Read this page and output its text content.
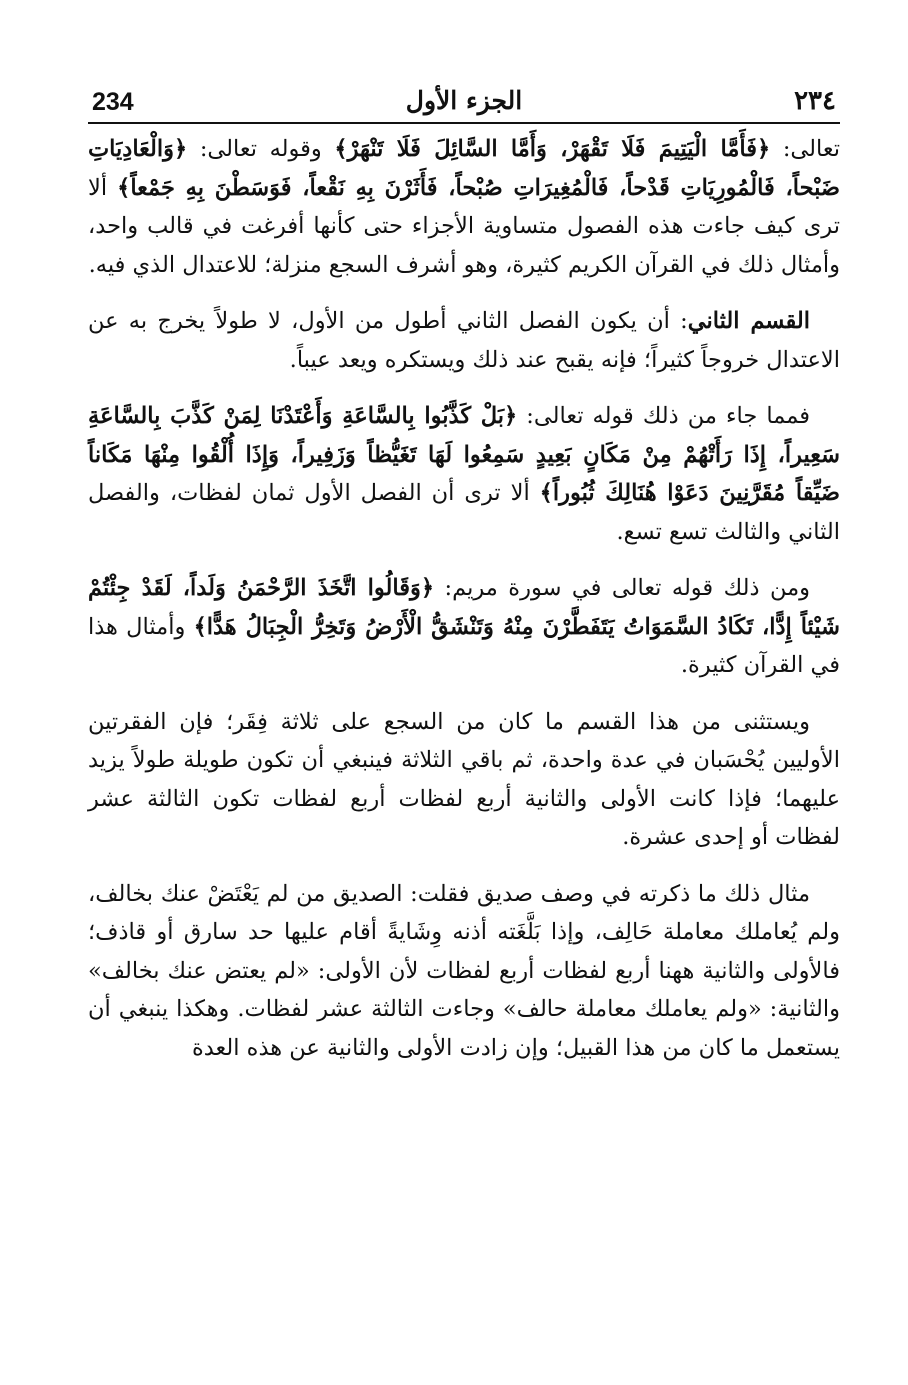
234	الجزء الأول	٢٣٤

تعالى: ﴿فَأَمَّا الْيَتِيمَ فَلَا تَقْهَرْ، وَأَمَّا السَّائِلَ فَلَا تَنْهَرْ﴾ وقوله تعالى: ﴿وَالْعَادِيَاتِ ضَبْحاً، فَالْمُورِيَاتِ قَدْحاً، فَالْمُغِيرَاتِ صُبْحاً، فَأَثَرْنَ بِهِ نَقْعاً، فَوَسَطْنَ بِهِ جَمْعاً﴾ ألا ترى كيف جاءت هذه الفصول متساوية الأجزاء حتى كأنها أفرغت في قالب واحد، وأمثال ذلك في القرآن الكريم كثيرة، وهو أشرف السجع منزلة؛ للاعتدال الذي فيه.

القسم الثاني: أن يكون الفصل الثاني أطول من الأول، لا طولاً يخرج به عن الاعتدال خروجاً كثيراً؛ فإنه يقبح عند ذلك ويستكره ويعد عيباً.

فمما جاء من ذلك قوله تعالى: ﴿بَلْ كَذَّبُوا بِالسَّاعَةِ وَأَعْتَدْنَا لِمَنْ كَذَّبَ بِالسَّاعَةِ سَعِيراً، إِذَا رَأَتْهُمْ مِنْ مَكَانٍ بَعِيدٍ سَمِعُوا لَهَا تَغَيُّظاً وَزَفِيراً، وَإِذَا أُلْقُوا مِنْهَا مَكَاناً ضَيِّقاً مُقَرَّنِينَ دَعَوْا هُنَالِكَ ثُبُوراً﴾ ألا ترى أن الفصل الأول ثمان لفظات، والفصل الثاني والثالث تسع تسع.

ومن ذلك قوله تعالى في سورة مريم: ﴿وَقَالُوا اتَّخَذَ الرَّحْمَنُ وَلَداً، لَقَدْ جِئْتُمْ شَيْئاً إِدًّا، تَكَادُ السَّمَوَاتُ يَتَفَطَّرْنَ مِنْهُ وَتَنْشَقُّ الْأَرْضُ وَتَخِرُّ الْجِبَالُ هَدًّا﴾ وأمثال هذا في القرآن كثيرة.

ويستثنى من هذا القسم ما كان من السجع على ثلاثة فِقَر؛ فإن الفقرتين الأوليين يُحْسَبان في عدة واحدة، ثم باقي الثلاثة فينبغي أن تكون طويلة طولاً يزيد عليهما؛ فإذا كانت الأولى والثانية أربع لفظات أربع لفظات تكون الثالثة عشر لفظات أو إحدى عشرة.

مثال ذلك ما ذكرته في وصف صديق فقلت: الصديق من لم يَعْتَضْ عنك بخالف، ولم يُعاملك معاملة حَالِف، وإذا بَلَّغَته أذنه وِشَايةً أقام عليها حد سارق أو قاذف؛ فالأولى والثانية ههنا أربع لفظات أربع لفظات لأن الأولى: «لم يعتض عنك بخالف» والثانية: «ولم يعاملك معاملة حالف» وجاءت الثالثة عشر لفظات. وهكذا ينبغي أن يستعمل ما كان من هذا القبيل؛ وإن زادت الأولى والثانية عن هذه العدة
